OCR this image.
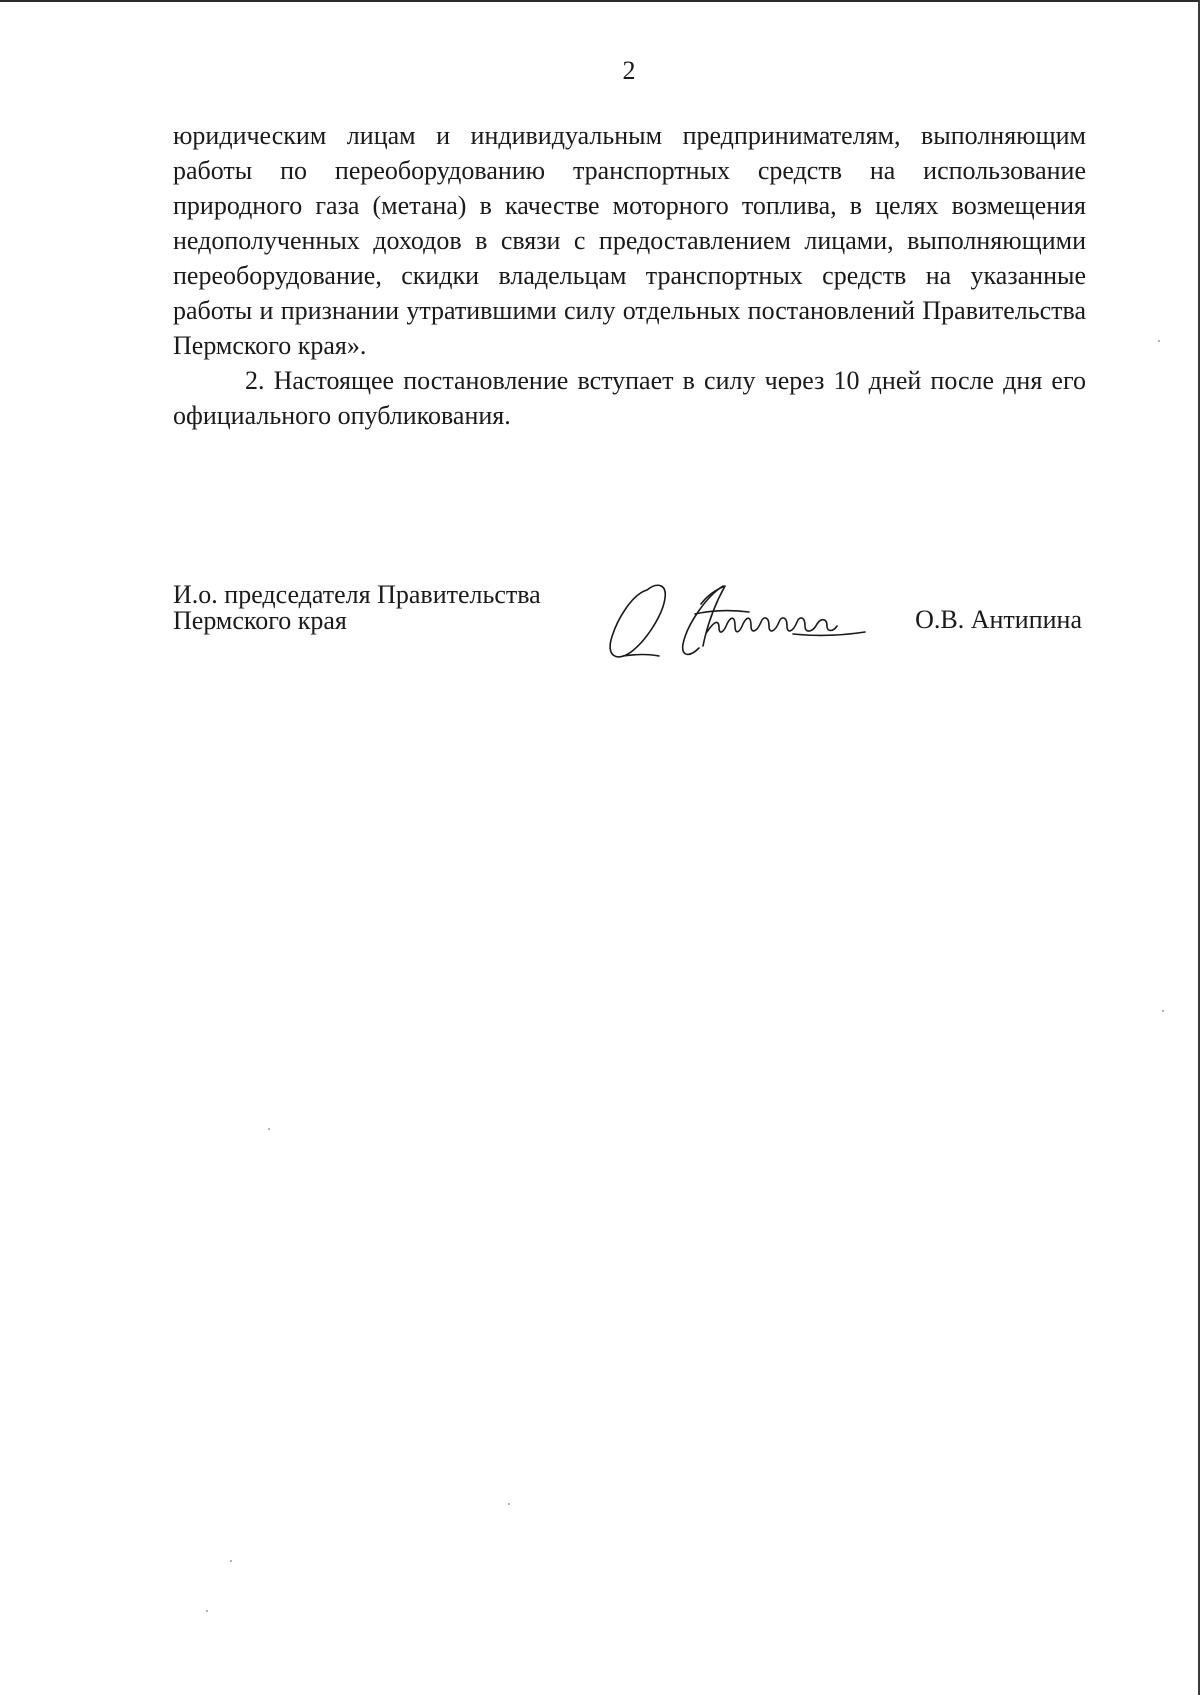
2

юридическим лицам и индивидуальным предпринимателям, выполняющим работы по переоборудованию транспортных средств на использование природного газа (метана) в качестве моторного топлива, в целях возмещения недополученных доходов в связи с предоставлением лицами, выполняющими переоборудование, скидки владельцам транспортных средств на указанные работы и признании утратившими силу отдельных постановлений Правительства Пермского края».

2. Настоящее постановление вступает в силу через 10 дней после дня его официального опубликования.

И.о. председателя Правительства
Пермского края	О.В. Антипина
